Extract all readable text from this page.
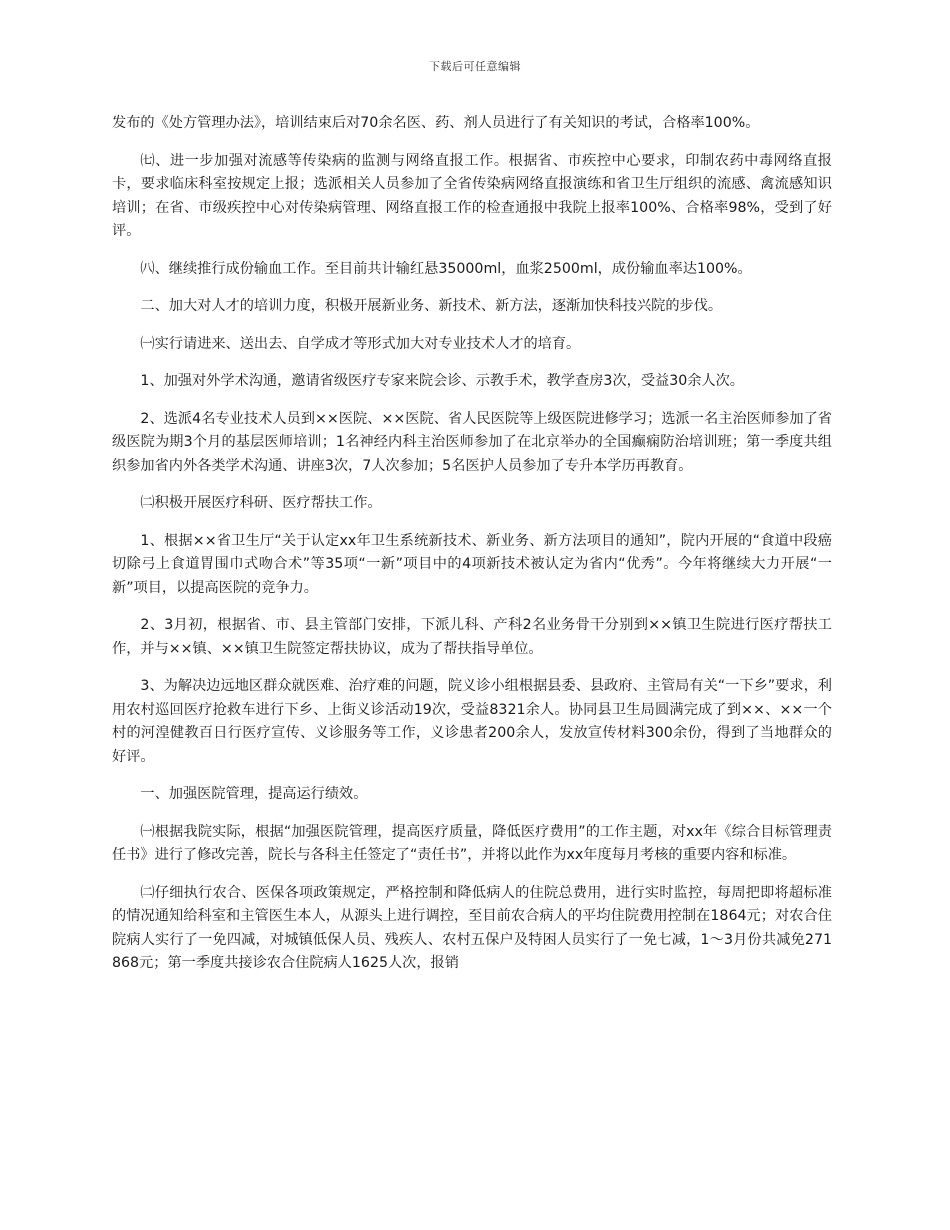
下载后可任意编辑

发布的《处方管理办法》，培训结束后对70余名医、药、剂人员进行了有关知识的考试，合格率100%。

㈦、进一步加强对流感等传染病的监测与网络直报工作。根据省、市疾控中心要求，印制农药中毒网络直报卡，要求临床科室按规定上报；选派相关人员参加了全省传染病网络直报演练和省卫生厅组织的流感、禽流感知识培训；在省、市级疾控中心对传染病管理、网络直报工作的检查通报中我院上报率100%、合格率98%，受到了好评。

㈧、继续推行成份输血工作。至目前共计输红悬35000ml，血浆2500ml，成份输血率达100%。

二、加大对人才的培训力度，积极开展新业务、新技术、新方法，逐渐加快科技兴院的步伐。

㈠实行请进来、送出去、自学成才等形式加大对专业技术人才的培育。

1、加强对外学术沟通，邀请省级医疗专家来院会诊、示教手术，教学查房3次，受益30余人次。

2、选派4名专业技术人员到××医院、××医院、省人民医院等上级医院进修学习；选派一名主治医师参加了省级医院为期3个月的基层医师培训；1名神经内科主治医师参加了在北京举办的全国癫痫防治培训班；第一季度共组织参加省内外各类学术沟通、讲座3次，7人次参加；5名医护人员参加了专升本学历再教育。

㈡积极开展医疗科研、医疗帮扶工作。

1、根据××省卫生厅“关于认定xx年卫生系统新技术、新业务、新方法项目的通知”，院内开展的“食道中段癌切除弓上食道胃围巾式吻合术”等35项“一新”项目中的4项新技术被认定为省内“优秀”。今年将继续大力开展“一新”项目，以提高医院的竞争力。

2、3月初，根据省、市、县主管部门安排，下派儿科、产科2名业务骨干分别到××镇卫生院进行医疗帮扶工作，并与××镇、××镇卫生院签定帮扶协议，成为了帮扶指导单位。

3、为解决边远地区群众就医难、治疗难的问题，院义诊小组根据县委、县政府、主管局有关“一下乡”要求，利用农村巡回医疗抢救车进行下乡、上街义诊活动19次，受益8321余人。协同县卫生局圆满完成了到××、××一个村的河湟健教百日行医疗宣传、义诊服务等工作，义诊患者200余人，发放宣传材料300余份，得到了当地群众的好评。

一、加强医院管理，提高运行绩效。

㈠根据我院实际，根据“加强医院管理，提高医疗质量，降低医疗费用”的工作主题，对xx年《综合目标管理责任书》进行了修改完善，院长与各科主任签定了“责任书”，并将以此作为xx年度每月考核的重要内容和标准。

㈡仔细执行农合、医保各项政策规定，严格控制和降低病人的住院总费用，进行实时监控，每周把即将超标准的情况通知给科室和主管医生本人，从源头上进行调控，至目前农合病人的平均住院费用控制在1864元；对农合住院病人实行了一免四减，对城镇低保人员、残疾人、农村五保户及特困人员实行了一免七减，1～3月份共减免271868元；第一季度共接诊农合住院病人1625人次，报销
